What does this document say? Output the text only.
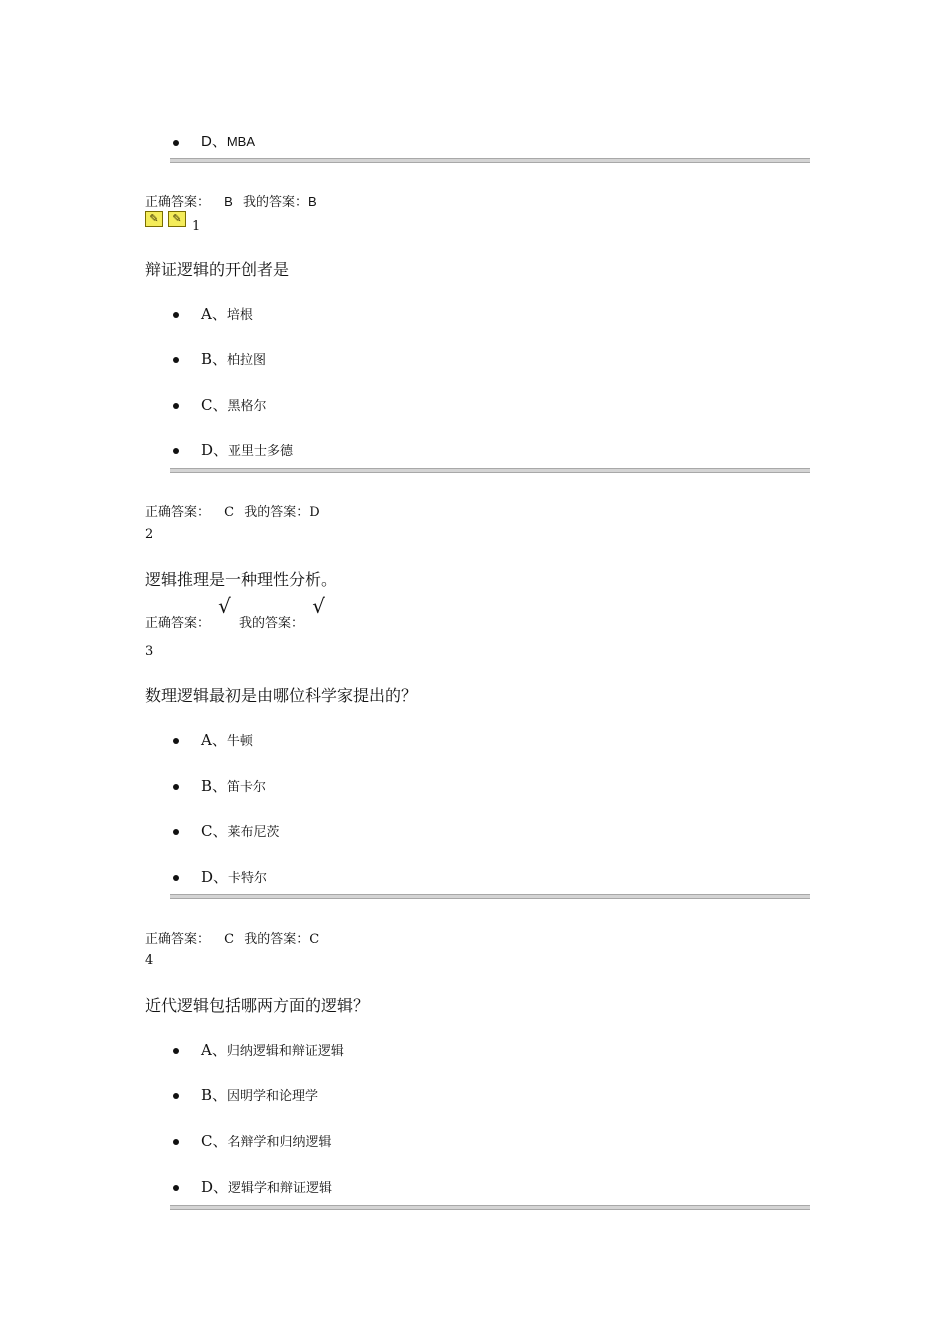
D、MBA
正确答案： B 我的答案：B
✎	✎
1
辩证逻辑的开创者是
A、培根
B、柏拉图
C、黑格尔
D、亚里士多德
正确答案： C 我的答案：D
2
逻辑推理是一种理性分析。
正确答案： √ 我的答案： √
3
数理逻辑最初是由哪位科学家提出的？
A、牛顿
B、笛卡尔
C、莱布尼茨
D、卡特尔
正确答案： C 我的答案：C
4
近代逻辑包括哪两方面的逻辑？
A、归纳逻辑和辩证逻辑
B、因明学和论理学
C、名辩学和归纳逻辑
D、逻辑学和辩证逻辑
